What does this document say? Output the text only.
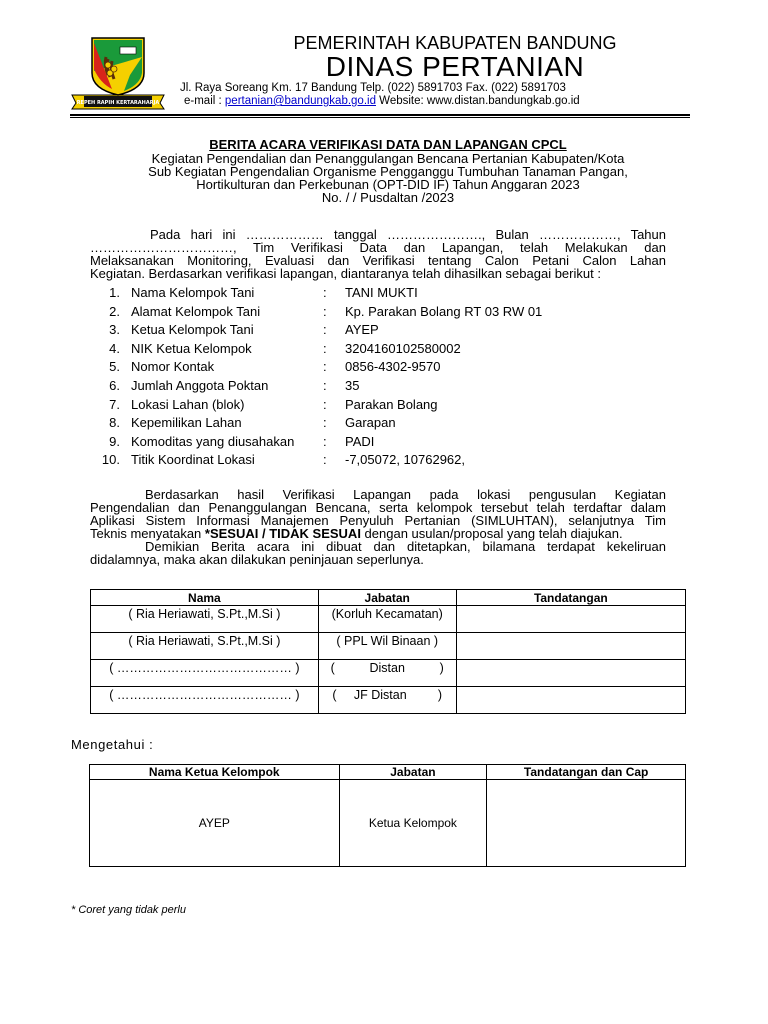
REPEH RAPIH KERTARAHARJA
PEMERINTAH KABUPATEN BANDUNG
DINAS PERTANIAN
Jl. Raya Soreang Km. 17 Bandung Telp. (022) 5891703 Fax. (022) 5891703
e-mail : pertanian@bandungkab.go.id Website: www.distan.bandungkab.go.id
BERITA ACARA VERIFIKASI DATA DAN LAPANGAN CPCL
Kegiatan Pengendalian dan Penanggulangan Bencana Pertanian Kabupaten/Kota
Sub Kegiatan Pengendalian Organisme Pengganggu Tumbuhan Tanaman Pangan,
Hortikulturan dan Perkebunan (OPT-DID IF) Tahun Anggaran 2023
No. / / Pusdaltan /2023
Pada hari ini ……………… tanggal …………………., Bulan ………………, Tahun
……………………………, Tim Verifikasi Data dan Lapangan, telah Melakukan dan
Melaksanakan Monitoring, Evaluasi dan Verifikasi tentang Calon Petani Calon Lahan
Kegiatan. Berdasarkan verifikasi lapangan, diantaranya telah dihasilkan sebagai berikut :
1. Nama Kelompok Tani	: TANI MUKTI
2. Alamat Kelompok Tani	: Kp. Parakan Bolang RT 03 RW 01
3. Ketua Kelompok Tani	: AYEP
4. NIK Ketua Kelompok	: 3204160102580002
5. Nomor Kontak	: 0856-4302-9570
6. Jumlah Anggota Poktan	: 35
7. Lokasi Lahan (blok)	: Parakan Bolang
8. Kepemilikan Lahan	: Garapan
9. Komoditas yang diusahakan : PADI
10. Titik Koordinat Lokasi	: -7,05072, 10762962,
Berdasarkan hasil Verifikasi Lapangan pada lokasi pengusulan Kegiatan
Pengendalian dan Penanggulangan Bencana, serta kelompok tersebut telah terdaftar dalam
Aplikasi Sistem Informasi Manajemen Penyuluh Pertanian (SIMLUHTAN), selanjutnya Tim
Teknis menyatakan *SESUAI / TIDAK SESUAI dengan usulan/proposal yang telah diajukan.
Demikian Berita acara ini dibuat dan ditetapkan, bilamana terdapat kekeliruan
didalamnya, maka akan dilakukan peninjauan seperlunya.
Nama	Jabatan	Tandatangan
( Ria Heriawati, S.Pt.,M.Si )	(Korluh Kecamatan)	
( Ria Heriawati, S.Pt.,M.Si )	( PPL Wil Binaan )	
( …………………………………… )	(          Distan          )	
( …………………………………… )	(     JF Distan         )	
Mengetahui :
Nama Ketua Kelompok	Jabatan	Tandatangan dan Cap
AYEP	Ketua Kelompok	
* Coret yang tidak perlu
